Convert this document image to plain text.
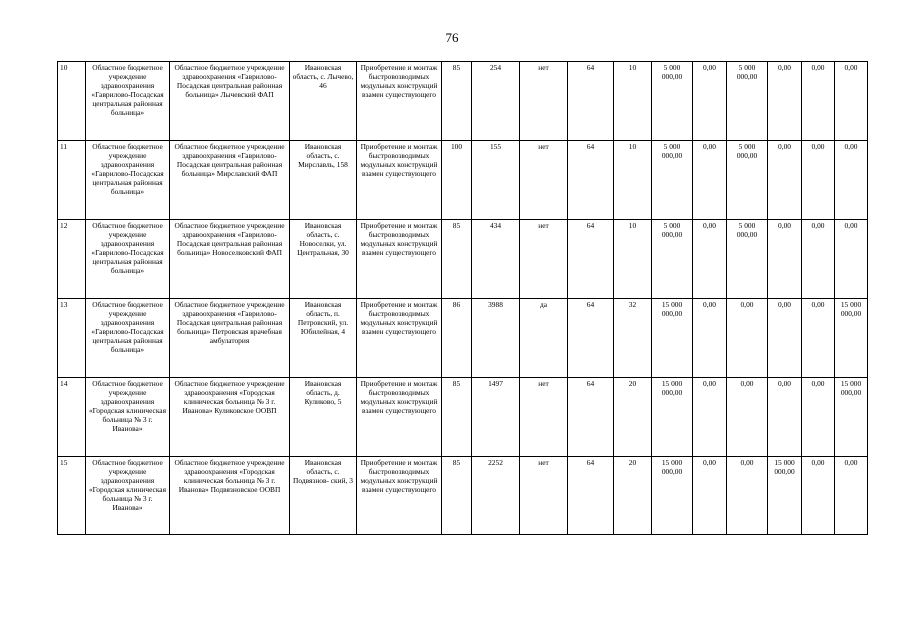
76
10	Областное бюджетное учреждение здравоохранения «Гаврилово-Посадская центральная районная больница»	Областное бюджетное учреждение здравоохранения «Гаврилово-Посадская центральная районная больница» Лычевский ФАП	Ивановская область, с. Лычево, 46	Приобретение и монтаж быстровозводимых модульных конструкций взамен существующего	85	254	нет	64	10	5 000 000,00	0,00	5 000 000,00	0,00	0,00	0,00
11	Областное бюджетное учреждение здравоохранения «Гаврилово-Посадская центральная районная больница»	Областное бюджетное учреждение здравоохранения «Гаврилово-Посадская центральная районная больница» Мирславский ФАП	Ивановская область, с. Мирславль, 158	Приобретение и монтаж быстровозводимых модульных конструкций взамен существующего	100	155	нет	64	10	5 000 000,00	0,00	5 000 000,00	0,00	0,00	0,00
12	Областное бюджетное учреждение здравоохранения «Гаврилово-Посадская центральная районная больница»	Областное бюджетное учреждение здравоохранения «Гаврилово-Посадская центральная районная больница» Новоселковский ФАП	Ивановская область, с. Новоселки, ул. Центральная, 30	Приобретение и монтаж быстровозводимых модульных конструкций взамен существующего	85	434	нет	64	10	5 000 000,00	0,00	5 000 000,00	0,00	0,00	0,00
13	Областное бюджетное учреждение здравоохранения «Гаврилово-Посадская центральная районная больница»	Областное бюджетное учреждение здравоохранения «Гаврилово-Посадская центральная районная больница» Петровская врачебная амбулатория	Ивановская область, п. Петровский, ул. Юбилейная, 4	Приобретение и монтаж быстровозводимых модульных конструкций взамен существующего	86	3988	да	64	32	15 000 000,00	0,00	0,00	0,00	0,00	15 000 000,00
14	Областное бюджетное учреждение здравоохранения «Городская клиническая больница № 3 г. Иванова»	Областное бюджетное учреждение здравоохранения «Городская клиническая больница № 3 г. Иванова» Куликовское ООВП	Ивановская область, д. Куликово, 5	Приобретение и монтаж быстровозводимых модульных конструкций взамен существующего	85	1497	нет	64	20	15 000 000,00	0,00	0,00	0,00	0,00	15 000 000,00
15	Областное бюджетное учреждение здравоохранения «Городская клиническая больница № 3 г. Иванова»	Областное бюджетное учреждение здравоохранения «Городская клиническая больница № 3 г. Иванова» Подвязновское ООВП	Ивановская область, с. Подвязнов- ский, 3	Приобретение и монтаж быстровозводимых модульных конструкций взамен существующего	85	2252	нет	64	20	15 000 000,00	0,00	0,00	15 000 000,00	0,00	0,00
